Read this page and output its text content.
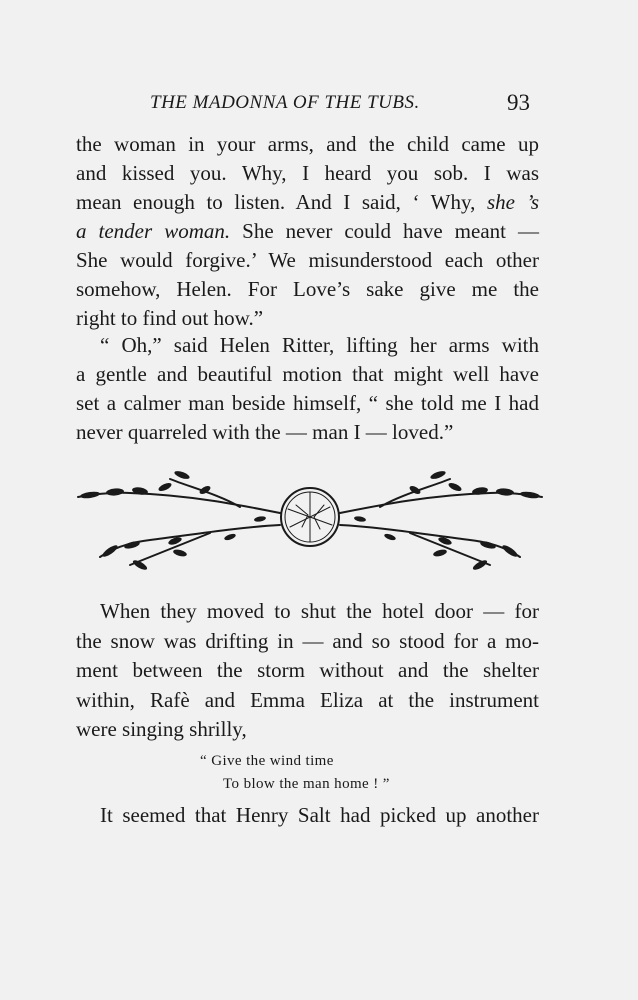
THE MADONNA OF THE TUBS.	93
the woman in your arms, and the child came up
and kissed you. Why, I heard you sob. I was
mean enough to listen. And I said, ‘ Why, she ’s
a tender woman. She never could have meant —
She would forgive.’ We misunderstood each other
somehow, Helen. For Love’s sake give me the
right to find out how.”
“ Oh,” said Helen Ritter, lifting her arms with
a gentle and beautiful motion that might well have
set a calmer man beside himself, “ she told me I had
never quarreled with the — man I — loved.”
When they moved to shut the hotel door — for
the snow was drifting in — and so stood for a mo-
ment between the storm without and the shelter
within, Rafè and Emma Eliza at the instrument
were singing shrilly,
“ Give the wind time
To blow the man home ! ”
It seemed that Henry Salt had picked up another
